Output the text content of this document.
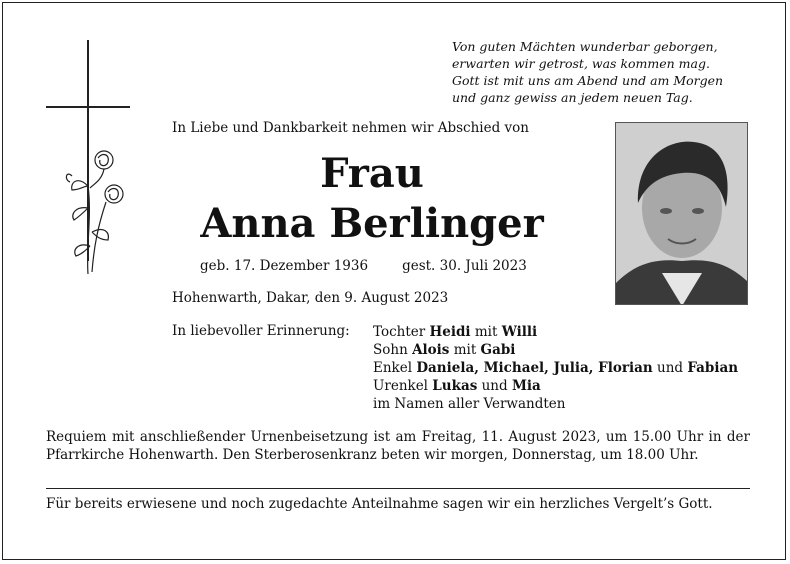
Von guten Mächten wunderbar geborgen,
erwarten wir getrost, was kommen mag.
Gott ist mit uns am Abend und am Morgen
und ganz gewiss an jedem neuen Tag.
In Liebe und Dankbarkeit nehmen wir Abschied von
Frau
Anna Berlinger
geb. 17. Dezember 1936	gest. 30. Juli 2023
Hohenwarth, Dakar, den 9. August 2023
In liebevoller Erinnerung: Tochter Heidi mit Willi
Sohn Alois mit Gabi
Enkel Daniela, Michael, Julia, Florian und Fabian
Urenkel Lukas und Mia
im Namen aller Verwandten
Requiem mit anschließender Urnenbeisetzung ist am Freitag, 11. August 2023, um 15.00 Uhr in der Pfarrkirche Hohenwarth. Den Sterberosenkranz beten wir morgen, Donnerstag, um 18.00 Uhr.
Für bereits erwiesene und noch zugedachte Anteilnahme sagen wir ein herzliches Vergelt’s Gott.
